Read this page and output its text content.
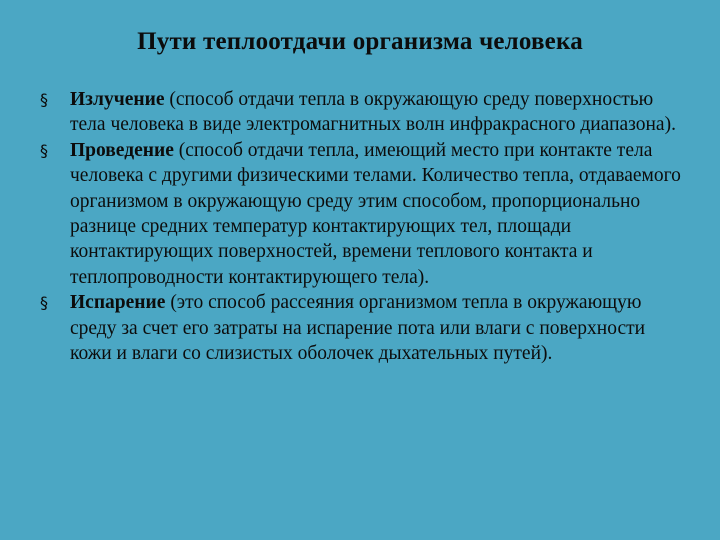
Пути теплоотдачи организма человека
§	Излучение (способ отдачи тепла в окружающую среду поверхностью тела человека в виде электромагнитных волн инфракрасного диапазона).
§	Проведение (способ отдачи тепла, имеющий место при контакте тела человека с другими физическими телами. Количество тепла, отдаваемого организмом в окружающую среду этим способом, пропорционально разнице средних температур контактирующих тел, площади контактирующих поверхностей, времени теплового контакта и теплопроводности контактирующего тела).
§	Испарение (это способ рассеяния организмом тепла в окружающую среду за счет его затраты на испарение пота или влаги с поверхности кожи и влаги со слизистых оболочек дыхательных путей).
